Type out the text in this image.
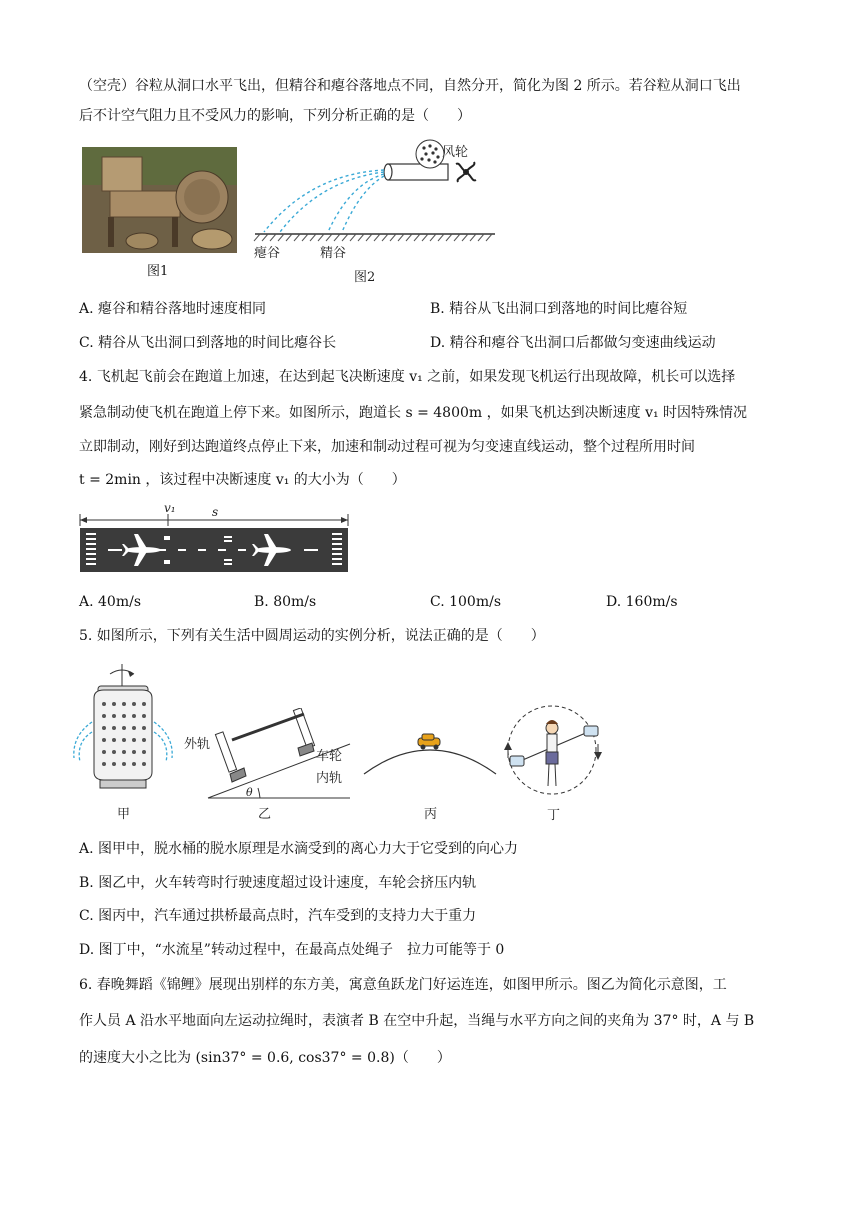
（空壳）谷粒从洞口水平飞出，但精谷和瘪谷落地点不同，自然分开，简化为图 2 所示。若谷粒从洞口飞出
后不计空气阻力且不受风力的影响，下列分析正确的是（　　）
图1
风轮
瘪谷	精谷
图2
A. 瘪谷和精谷落地时速度相同	B. 精谷从飞出洞口到落地的时间比瘪谷短
C. 精谷从飞出洞口到落地的时间比瘪谷长	D. 精谷和瘪谷飞出洞口后都做匀变速曲线运动
4. 飞机起飞前会在跑道上加速，在达到起飞决断速度 v₁ 之前，如果发现飞机运行出现故障，机长可以选择
紧急制动使飞机在跑道上停下来。如图所示，跑道长 s = 4800m ，如果飞机达到决断速度 v₁ 时因特殊情况
立即制动，刚好到达跑道终点停止下来，加速和制动过程可视为匀变速直线运动，整个过程所用时间
t = 2min ，该过程中决断速度 v₁ 的大小为（　　）
v₁	s
A. 40m/s	B. 80m/s	C. 100m/s	D. 160m/s
5. 如图所示，下列有关生活中圆周运动的实例分析，说法正确的是（　　）
甲
外轨
车轮
内轨
θ
乙	丙	丁
A. 图甲中，脱水桶的脱水原理是水滴受到的离心力大于它受到的向心力
B. 图乙中，火车转弯时行驶速度超过设计速度，车轮会挤压内轨
C. 图丙中，汽车通过拱桥最高点时，汽车受到的支持力大于重力
D. 图丁中，“水流星”转动过程中，在最高点处绳子　拉力可能等于 0
6. 春晚舞蹈《锦鲤》展现出别样的东方美，寓意鱼跃龙门好运连连，如图甲所示。图乙为简化示意图，工
作人员 A 沿水平地面向左运动拉绳时，表演者 B 在空中升起，当绳与水平方向之间的夹角为 37° 时，A 与 B
的速度大小之比为 (sin37° = 0.6, cos37° = 0.8)（　　）
